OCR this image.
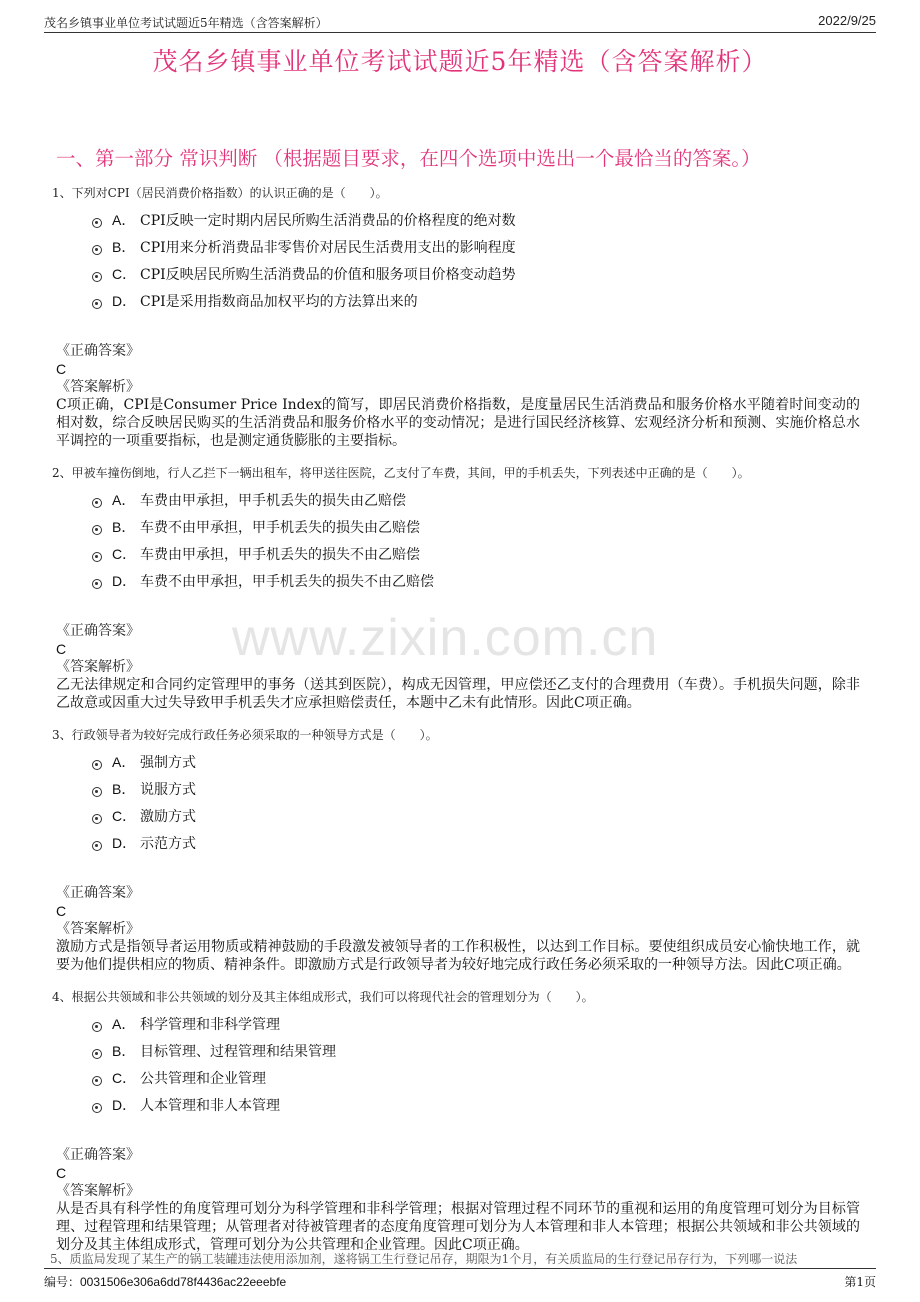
茂名乡镇事业单位考试试题近5年精选（含答案解析）	2022/9/25
茂名乡镇事业单位考试试题近5年精选（含答案解析）
一、第一部分 常识判断 （根据题目要求，在四个选项中选出一个最恰当的答案。）

1、下列对CPI（居民消费价格指数）的认识正确的是（　　）。

A． CPI反映一定时期内居民所购生活消费品的价格程度的绝对数
B． CPI用来分析消费品非零售价对居民生活费用支出的影响程度
C． CPI反映居民所购生活消费品的价值和服务项目价格变动趋势
D． CPI是采用指数商品加权平均的方法算出来的
《正确答案》
C
《答案解析》
C项正确，CPI是Consumer Price Index的简写，即居民消费价格指数，是度量居民生活消费品和服务价格水平随着时间变动的相对数，综合反映居民购买的生活消费品和服务价格水平的变动情况；是进行国民经济核算、宏观经济分析和预测、实施价格总水平调控的一项重要指标，也是测定通货膨胀的主要指标。

2、甲被车撞伤倒地，行人乙拦下一辆出租车，将甲送往医院，乙支付了车费，其间，甲的手机丢失，下列表述中正确的是（　　）。

A． 车费由甲承担，甲手机丢失的损失由乙赔偿
B． 车费不由甲承担，甲手机丢失的损失由乙赔偿
C． 车费由甲承担，甲手机丢失的损失不由乙赔偿
D． 车费不由甲承担，甲手机丢失的损失不由乙赔偿
《正确答案》
C
《答案解析》
乙无法律规定和合同约定管理甲的事务（送其到医院），构成无因管理，甲应偿还乙支付的合理费用（车费）。手机损失问题，除非乙故意或因重大过失导致甲手机丢失才应承担赔偿责任，本题中乙未有此情形。因此C项正确。

3、行政领导者为较好完成行政任务必须采取的一种领导方式是（　　）。

A． 强制方式
B． 说服方式
C． 激励方式
D． 示范方式
《正确答案》
C
《答案解析》
激励方式是指领导者运用物质或精神鼓励的手段激发被领导者的工作积极性，以达到工作目标。要使组织成员安心愉快地工作，就要为他们提供相应的物质、精神条件。即激励方式是行政领导者为较好地完成行政任务必须采取的一种领导方法。因此C项正确。

4、根据公共领域和非公共领域的划分及其主体组成形式，我们可以将现代社会的管理划分为（　　）。

A． 科学管理和非科学管理
B． 目标管理、过程管理和结果管理
C． 公共管理和企业管理
D． 人本管理和非人本管理
《正确答案》
C
《答案解析》
从是否具有科学性的角度管理可划分为科学管理和非科学管理；根据对管理过程不同环节的重视和运用的角度管理可划分为目标管理、过程管理和结果管理；从管理者对待被管理者的态度角度管理可划分为人本管理和非人本管理；根据公共领域和非公共领域的划分及其主体组成形式，管理可划分为公共管理和企业管理。因此C项正确。
5、质监局发现了某生产的锅工装罐违法使用添加剂，遂将锅工生行登记吊存，期限为1个月，有关质监局的生行登记吊存行为，下列哪一说法
www.zixin.com.cn
编号：0031506e306a6dd78f4436ac22eeebfe	第1页
